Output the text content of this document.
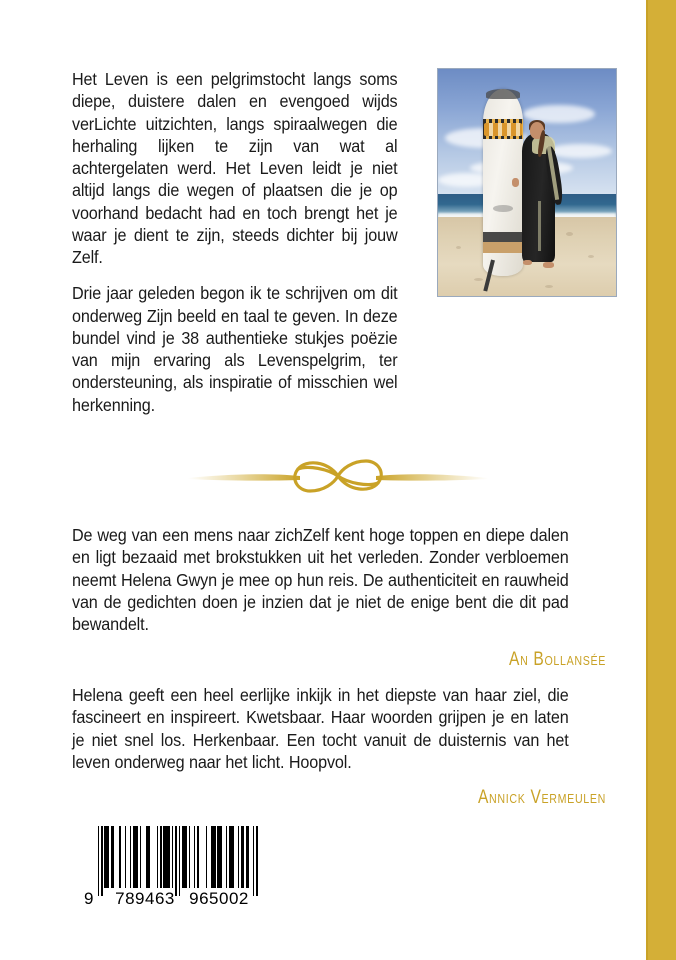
Het Leven is een pelgrimstocht langs soms diepe, duistere dalen en evengoed wijds verLichte uitzichten, langs spiraalwegen die herhaling lijken te zijn van wat al achtergelaten werd. Het Leven leidt je niet altijd langs die wegen of plaatsen die je op voorhand bedacht had en toch brengt het je waar je dient te zijn, steeds dichter bij jouw Zelf.

Drie jaar geleden begon ik te schrijven om dit onderweg Zijn beeld en taal te geven. In deze bundel vind je 38 authentieke stukjes poëzie van mijn ervaring als Levenspelgrim, ter ondersteuning, als inspiratie of misschien wel herkenning.

De weg van een mens naar zichZelf kent hoge toppen en diepe dalen en ligt bezaaid met brokstukken uit het verleden. Zonder verbloemen neemt Helena Gwyn je mee op hun reis. De authenticiteit en rauwheid van de gedichten doen je inzien dat je niet de enige bent die dit pad bewandelt.

An Bollansée

Helena geeft een heel eerlijke inkijk in het diepste van haar ziel, die fascineert en inspireert. Kwetsbaar. Haar woorden grijpen je en laten je niet snel los. Herkenbaar. Een tocht vanuit de duisternis van het leven onderweg naar het licht. Hoopvol.

Annick Vermeulen
9	789463 965002
